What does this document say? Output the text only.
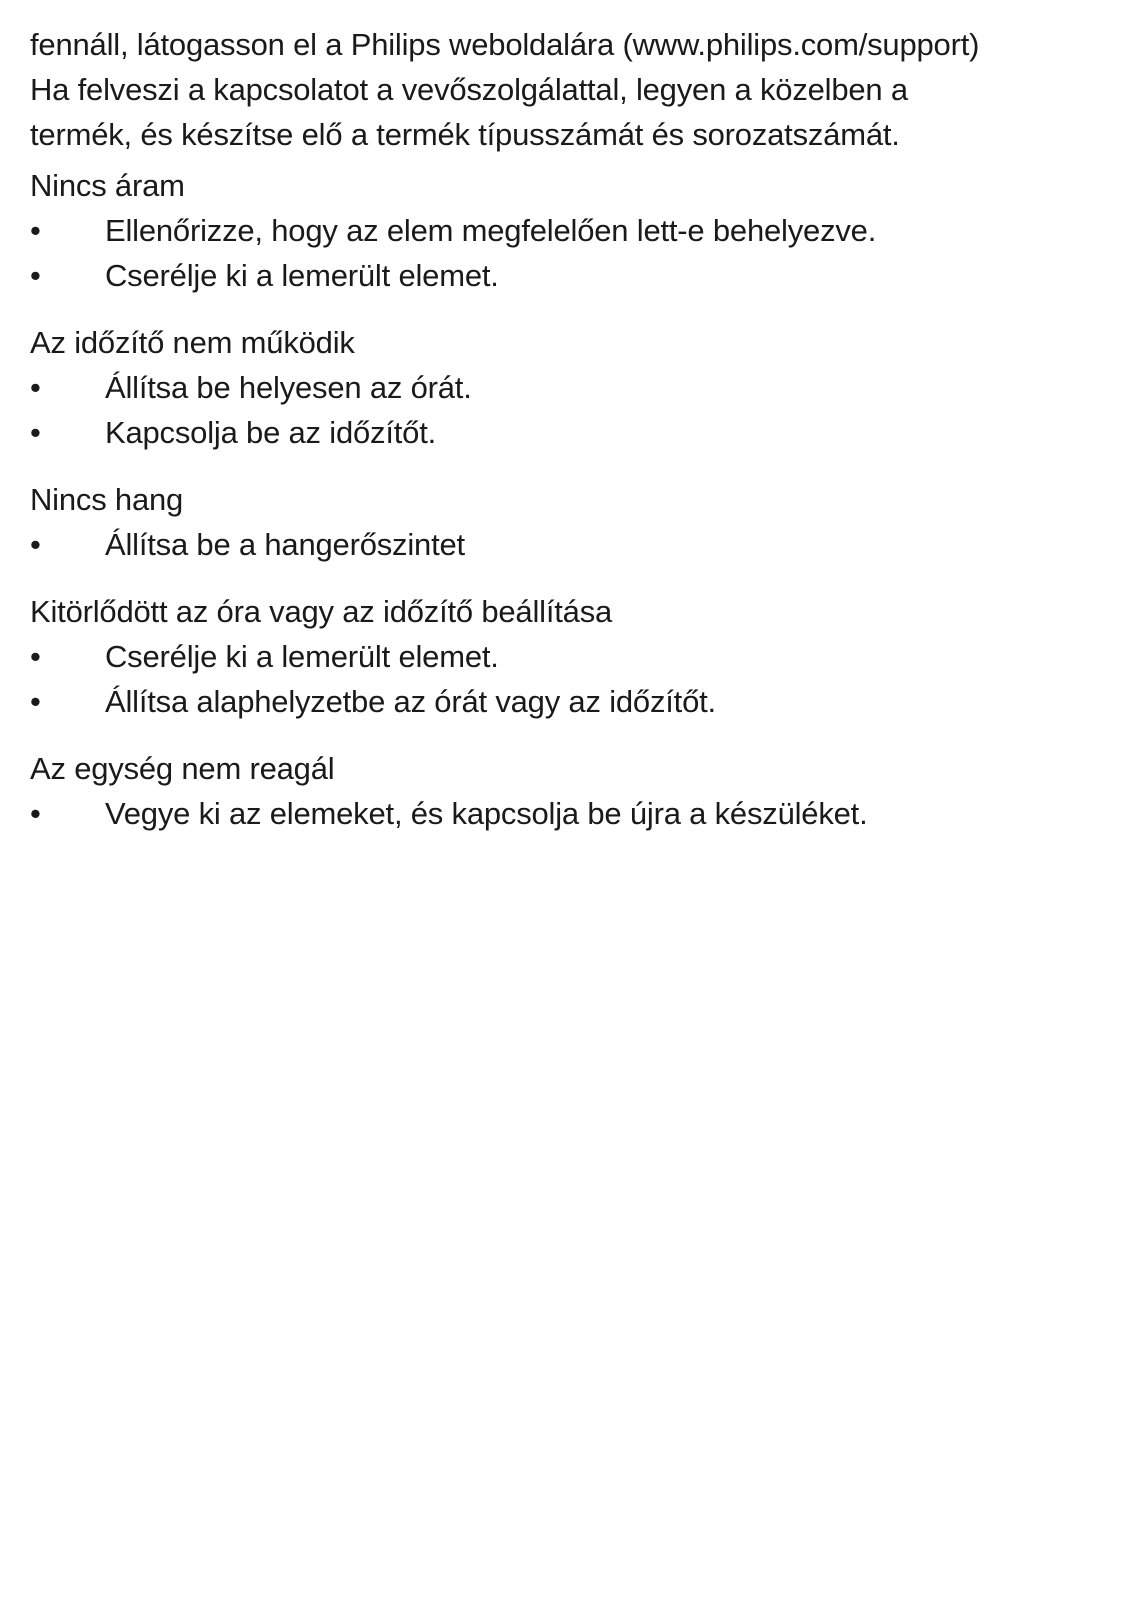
fennáll, látogasson el a Philips weboldalára (www.philips.com/support)

Ha felveszi a kapcsolatot a vevőszolgálattal, legyen a közelben a

termék, és készítse elő a termék típusszámát és sorozatszámát.

Nincs áram
• Ellenőrizze, hogy az elem megfelelően lett-e behelyezve.
• Cserélje ki a lemerült elemet.
Az időzítő nem működik
• Állítsa be helyesen az órát.
• Kapcsolja be az időzítőt.
Nincs hang
• Állítsa be a hangerőszintet
Kitörlődött az óra vagy az időzítő beállítása
• Cserélje ki a lemerült elemet.
• Állítsa alaphelyzetbe az órát vagy az időzítőt.
Az egység nem reagál
• Vegye ki az elemeket, és kapcsolja be újra a készüléket.
